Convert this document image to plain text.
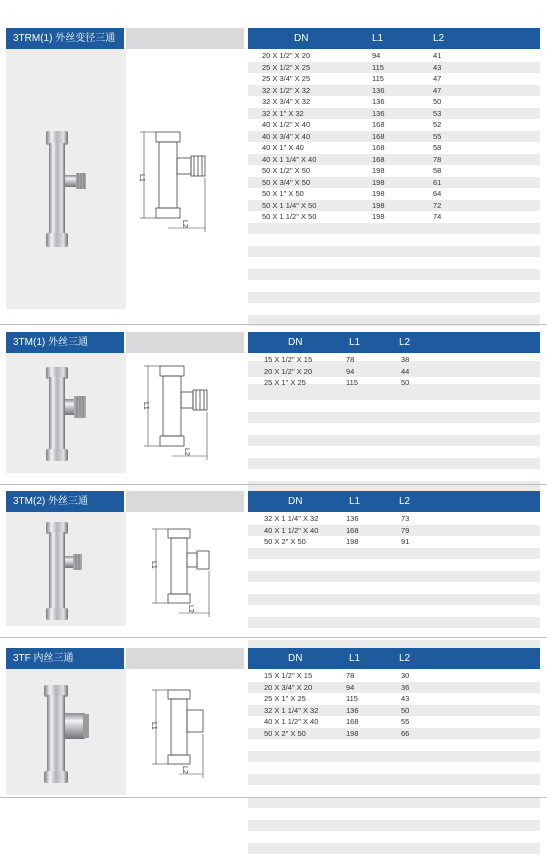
3TRM(1) 外丝变径三通
L1
L2
DN	L1	L2
20 X 1/2" X 20	94	41
25 X 1/2" X 25	115	43
25 X 3/4" X 25	115	47
32 X 1/2" X 32	136	47
32 X 3/4" X 32	136	50
32 X 1" X 32	136	53
40 X 1/2" X 40	168	52
40 X 3/4" X 40	168	55
40 X 1" X 40	168	58
40 X 1 1/4" X 40	168	78
50 X 1/2" X 50	198	58
50 X 3/4" X 50	198	61
50 X 1" X 50	198	64
50 X 1 1/4" X 50	198	72
50 X 1 1/2" X 50	198	74
3TM(1) 外丝三通
L1
L2
DN	L1	L2
15 X 1/2" X 15	78	38
20 X 1/2" X 20	94	44
25 X 1" X 25	115	50
3TM(2) 外丝三通
L1
L2
DN	L1	L2
32 X 1 1/4" X 32	136	73
40 X 1 1/2" X 40	168	79
50 X 2" X 50	198	91
3TF 内丝三通
L1
L2
DN	L1	L2
15 X 1/2" X 15	78	30
20 X 3/4" X 20	94	36
25 X 1" X 25	115	43
32 X 1 1/4" X 32	136	50
40 X 1 1/2" X 40	168	55
50 X 2" X 50	198	66
